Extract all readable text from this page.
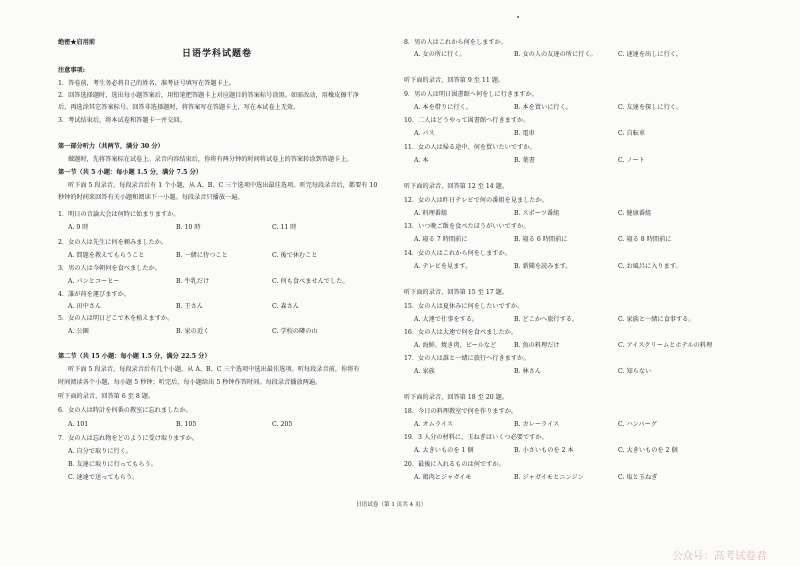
绝密★启用前
日语学科试题卷
注意事项:
1．答卷前，考生务必将自己的姓名、准考证号填写在答题卡上。
2．回答选择题时，选出每小题答案后，用铅笔把答题卡上对应题目的答案标号涂黑。如需改动，用橡皮擦干净
后，再选涂其它答案标号。回答非选择题时，将答案写在答题卡上，写在本试卷上无效。
3．考试结束后，将本试卷和答题卡一并交回。
第一部分听力（共两节，满分 30 分）
做题时，先将答案标在试卷上。录音内容结束后，你将有两分钟的时间将试卷上的答案转涂到答题卡上。
第一节（共 5 小题：每小题 1.5 分，满分 7.5 分）
听下面 5 段录音，每段录音后有 1 个小题，从 A、B、C 三个选项中选出最佳选项。听完每段录音后，都要有 10
秒钟的时间来回答有关小题和阅读下一小题。每段录音只播放一遍。
1．明日の音論大会は何時に始まりますか。
A. 9 時	B. 10 時	C. 11 時
2．女の人は先生に何を頼みましたか。
A. 問題を教えてもらうこと	B. 一緒に待つこと	C. 後で休むこと
3．男の人は今朝何を食べましたか。
A. パンとコーヒー	B. 牛乳だけ	C. 何も食べませんでした。
4．誰が荷を運びますか。
A. 田中さん	B. 王さん	C. 森さん
5．女の人は明日どこで木を植えますか。
A. 公園	B. 家の近く	C. 学校の隣の山
第二节（共 15 小题：每小题 1.5 分，满分 22.5 分）
听下面 5 段录音，每段录音后有几个小题，从 A、B、C 三个选项中选出最佳选项。听每段录音前，你将有
时间阅读各个小题，每小题 5 秒钟；听完后，每小题给出 5 秒钟作答时间。每段录音播放两遍。
听下面的录音，回答第 6 至 8 题。
6．女の人は時計を何番の教室に忘れましたか。
A. 101	B. 105	C. 205
7．女の人は忘れ物をどのように受け取りますか。
A. 自分で取りに行く。
B. 友達に取りに行ってもらう。
C. 速達で送ってもらう。
8．男の人はこれから何をしますか。
A. 女の所に行く。	B. 女の人の友達の所に行く。	C. 速達を出しに行く。
听下面的录音，回答第 9 至 11 题。
9．男の人は明日図書館へ何をしに行きますか。
A. 本を借りに行く。	B. 本を買いに行く。	C. 友達を探しに行く。
10．二人はどうやって図書館へ行きますか。
A. バス	B. 電車	C. 自転車
11．女の人は帰る途中、何を買いたいですか。
A. 本	B. 葉書	C. ノート
听下面的录音，回答第 12 至 14 题。
12．女の人は昨日テレビで何の番組を見ましたか。
A. 料理番組	B. スポーツ番組	C. 健康番組
13．いつ晩ご飯を食べたほうがいいですか。
A. 寝る 7 時間前に	B. 寝る 6 時間前に	C. 寝る 8 時間前に
14．女の人はこれから何をしますか。
A. テレビを見ます。	B. 新聞を読みます。	C. お風呂に入ります。
听下面的录音，回答第 15 至 17 题。
15．女の人は夏休みに何をしたいですか。
A. 大連で仕事をする。	B. どこかへ旅行する。	C. 家族と一緒に食事する。
16．女の人は大連で何を食べましたか。
A. 海鮮、焼き肉、ビールなど	B. 魚の料理だけ	C. アイスクリームとホテルの料理
17．女の人は誰と一緒に旅行へ行きますか。
A. 家族	B. 林さん	C. 知らない
听下面的录音，回答第 18 至 20 题。
18．今日の料理教室で何を作りますか。
A. オムライス	B. カレーライス	C. ハンバーグ
19．3 人分の材料に、玉ねぎはいくつ必要ですか。
A. 大きいものを 1 個	B. 小さいものを 2 本	C. 大きいものを 2 個
20．最後に入れるものは何ですか。
A. 鶏肉とジャガイモ	B. ジャガイモとニンジン	C. 塩と玉ねぎ
日语试卷（第 1 页共 4 页）
公众号：高考试卷君
